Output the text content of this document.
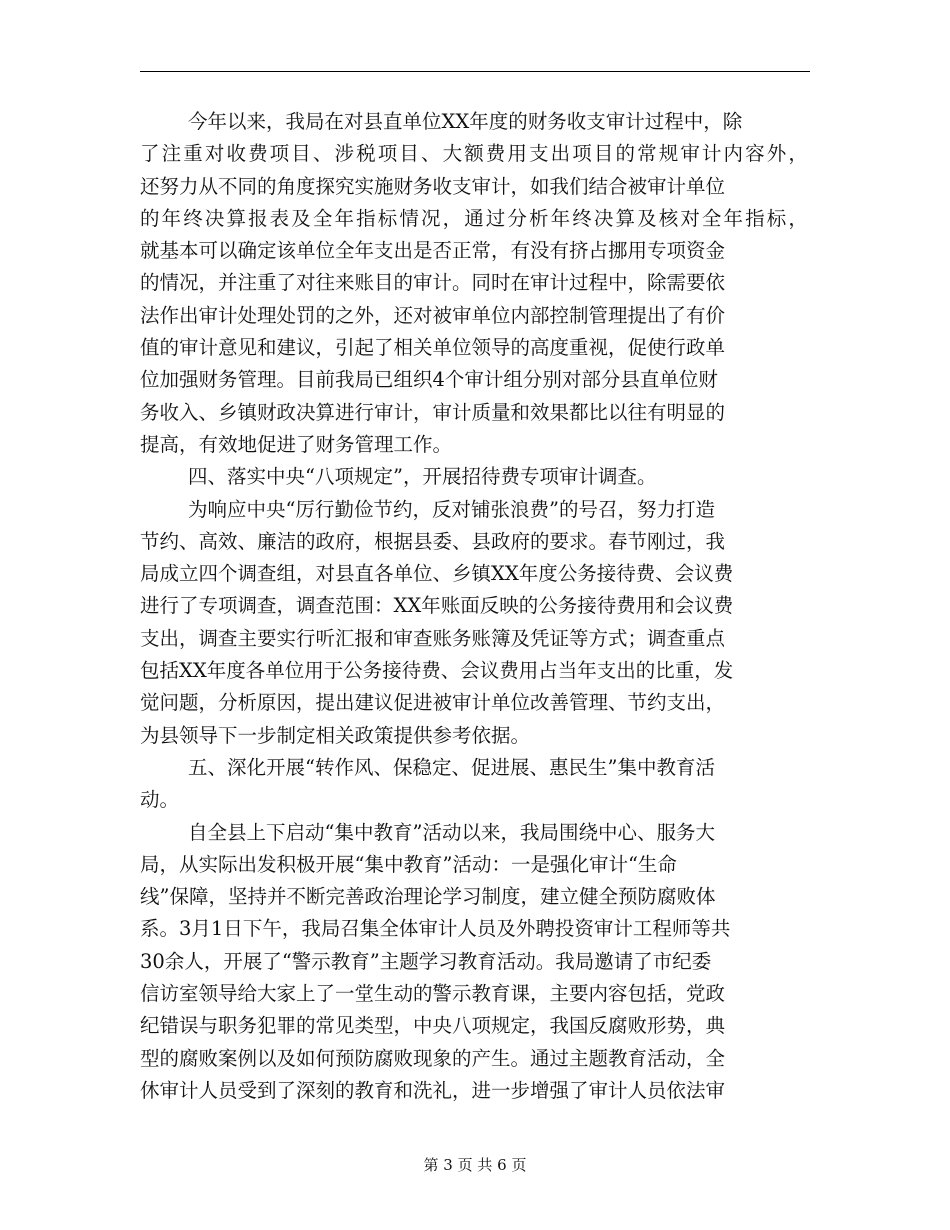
今年以来，我局在对县直单位XX年度的财务收支审计过程中，除
了注重对收费项目、涉税项目、大额费用支出项目的常规审计内容外，
还努力从不同的角度探究实施财务收支审计，如我们结合被审计单位
的年终决算报表及全年指标情况，通过分析年终决算及核对全年指标，
就基本可以确定该单位全年支出是否正常，有没有挤占挪用专项资金
的情况，并注重了对往来账目的审计。同时在审计过程中，除需要依
法作出审计处理处罚的之外，还对被审单位内部控制管理提出了有价
值的审计意见和建议，引起了相关单位领导的高度重视，促使行政单
位加强财务管理。目前我局已组织4个审计组分别对部分县直单位财
务收入、乡镇财政决算进行审计，审计质量和效果都比以往有明显的
提高，有效地促进了财务管理工作。
四、落实中央“八项规定”，开展招待费专项审计调查。
为响应中央“厉行勤俭节约，反对铺张浪费”的号召，努力打造
节约、高效、廉洁的政府，根据县委、县政府的要求。春节刚过，我
局成立四个调查组，对县直各单位、乡镇XX年度公务接待费、会议费
进行了专项调查，调查范围：XX年账面反映的公务接待费用和会议费
支出，调查主要实行听汇报和审查账务账簿及凭证等方式；调查重点
包括XX年度各单位用于公务接待费、会议费用占当年支出的比重，发
觉问题，分析原因，提出建议促进被审计单位改善管理、节约支出，
为县领导下一步制定相关政策提供参考依据。
五、深化开展“转作风、保稳定、促进展、惠民生”集中教育活
动。
自全县上下启动“集中教育”活动以来，我局围绕中心、服务大
局，从实际出发积极开展“集中教育”活动：一是强化审计“生命
线”保障，坚持并不断完善政治理论学习制度，建立健全预防腐败体
系。3月1日下午，我局召集全体审计人员及外聘投资审计工程师等共
30余人，开展了“警示教育”主题学习教育活动。我局邀请了市纪委
信访室领导给大家上了一堂生动的警示教育课，主要内容包括，党政
纪错误与职务犯罪的常见类型，中央八项规定，我国反腐败形势，典
型的腐败案例以及如何预防腐败现象的产生。通过主题教育活动，全
休审计人员受到了深刻的教育和洗礼，进一步增强了审计人员依法审
第 3 页 共 6 页
